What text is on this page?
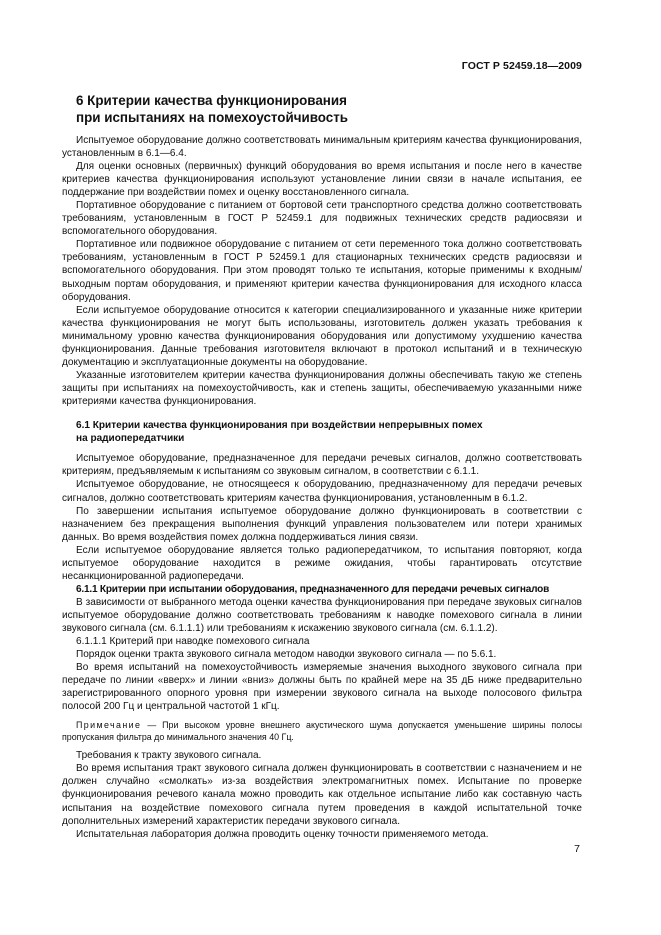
ГОСТ Р 52459.18—2009
6 Критерии качества функционирования
при испытаниях на помехоустойчивость

Испытуемое оборудование должно соответствовать минимальным критериям качества функционирования, установленным в 6.1—6.4.

Для оценки основных (первичных) функций оборудования во время испытания и после него в качестве критериев качества функционирования используют установление линии связи в начале испытания, ее поддержание при воздействии помех и оценку восстановленного сигнала.

Портативное оборудование с питанием от бортовой сети транспортного средства должно соответствовать требованиям, установленным в ГОСТ Р 52459.1 для подвижных технических средств радиосвязи и вспомогательного оборудования.

Портативное или подвижное оборудование с питанием от сети переменного тока должно соответствовать требованиям, установленным в ГОСТ Р 52459.1 для стационарных технических средств радиосвязи и вспомогательного оборудования. При этом проводят только те испытания, которые применимы к входным/выходным портам оборудования, и применяют критерии качества функционирования для исходного класса оборудования.

Если испытуемое оборудование относится к категории специализированного и указанные ниже критерии качества функционирования не могут быть использованы, изготовитель должен указать требования к минимальному уровню качества функционирования оборудования или допустимому ухудшению качества функционирования. Данные требования изготовителя включают в протокол испытаний и в техническую документацию и эксплуатационные документы на оборудование.

Указанные изготовителем критерии качества функционирования должны обеспечивать такую же степень защиты при испытаниях на помехоустойчивость, как и степень защиты, обеспечиваемую указанными ниже критериями качества функционирования.

6.1 Критерии качества функционирования при воздействии непрерывных помех
на радиопередатчики

Испытуемое оборудование, предназначенное для передачи речевых сигналов, должно соответствовать критериям, предъявляемым к испытаниям со звуковым сигналом, в соответствии с 6.1.1.

Испытуемое оборудование, не относящееся к оборудованию, предназначенному для передачи речевых сигналов, должно соответствовать критериям качества функционирования, установленным в 6.1.2.

По завершении испытания испытуемое оборудование должно функционировать в соответствии с назначением без прекращения выполнения функций управления пользователем или потери хранимых данных. Во время воздействия помех должна поддерживаться линия связи.

Если испытуемое оборудование является только радиопередатчиком, то испытания повторяют, когда испытуемое оборудование находится в режиме ожидания, чтобы гарантировать отсутствие несанкционированной радиопередачи.

6.1.1 Критерии при испытании оборудования, предназначенного для передачи речевых сигналов

В зависимости от выбранного метода оценки качества функционирования при передаче звуковых сигналов испытуемое оборудование должно соответствовать требованиям к наводке помехового сигнала в линии звукового сигнала (см. 6.1.1.1) или требованиям к искажению звукового сигнала (см. 6.1.1.2).

6.1.1.1 Критерий при наводке помехового сигнала

Порядок оценки тракта звукового сигнала методом наводки звукового сигнала — по 5.6.1.

Во время испытаний на помехоустойчивость измеряемые значения выходного звукового сигнала при передаче по линии «вверх» и линии «вниз» должны быть по крайней мере на 35 дБ ниже предварительно зарегистрированного опорного уровня при измерении звукового сигнала на выходе полосового фильтра полосой 200 Гц и центральной частотой 1 кГц.

Примечание — При высоком уровне внешнего акустического шума допускается уменьшение ширины полосы пропускания фильтра до минимального значения 40 Гц.

Требования к тракту звукового сигнала.

Во время испытания тракт звукового сигнала должен функционировать в соответствии с назначением и не должен случайно «смолкать» из-за воздействия электромагнитных помех. Испытание по проверке функционирования речевого канала можно проводить как отдельное испытание либо как составную часть испытания на воздействие помехового сигнала путем проведения в каждой испытательной точке дополнительных измерений характеристик передачи звукового сигнала.

Испытательная лаборатория должна проводить оценку точности применяемого метода.

7
